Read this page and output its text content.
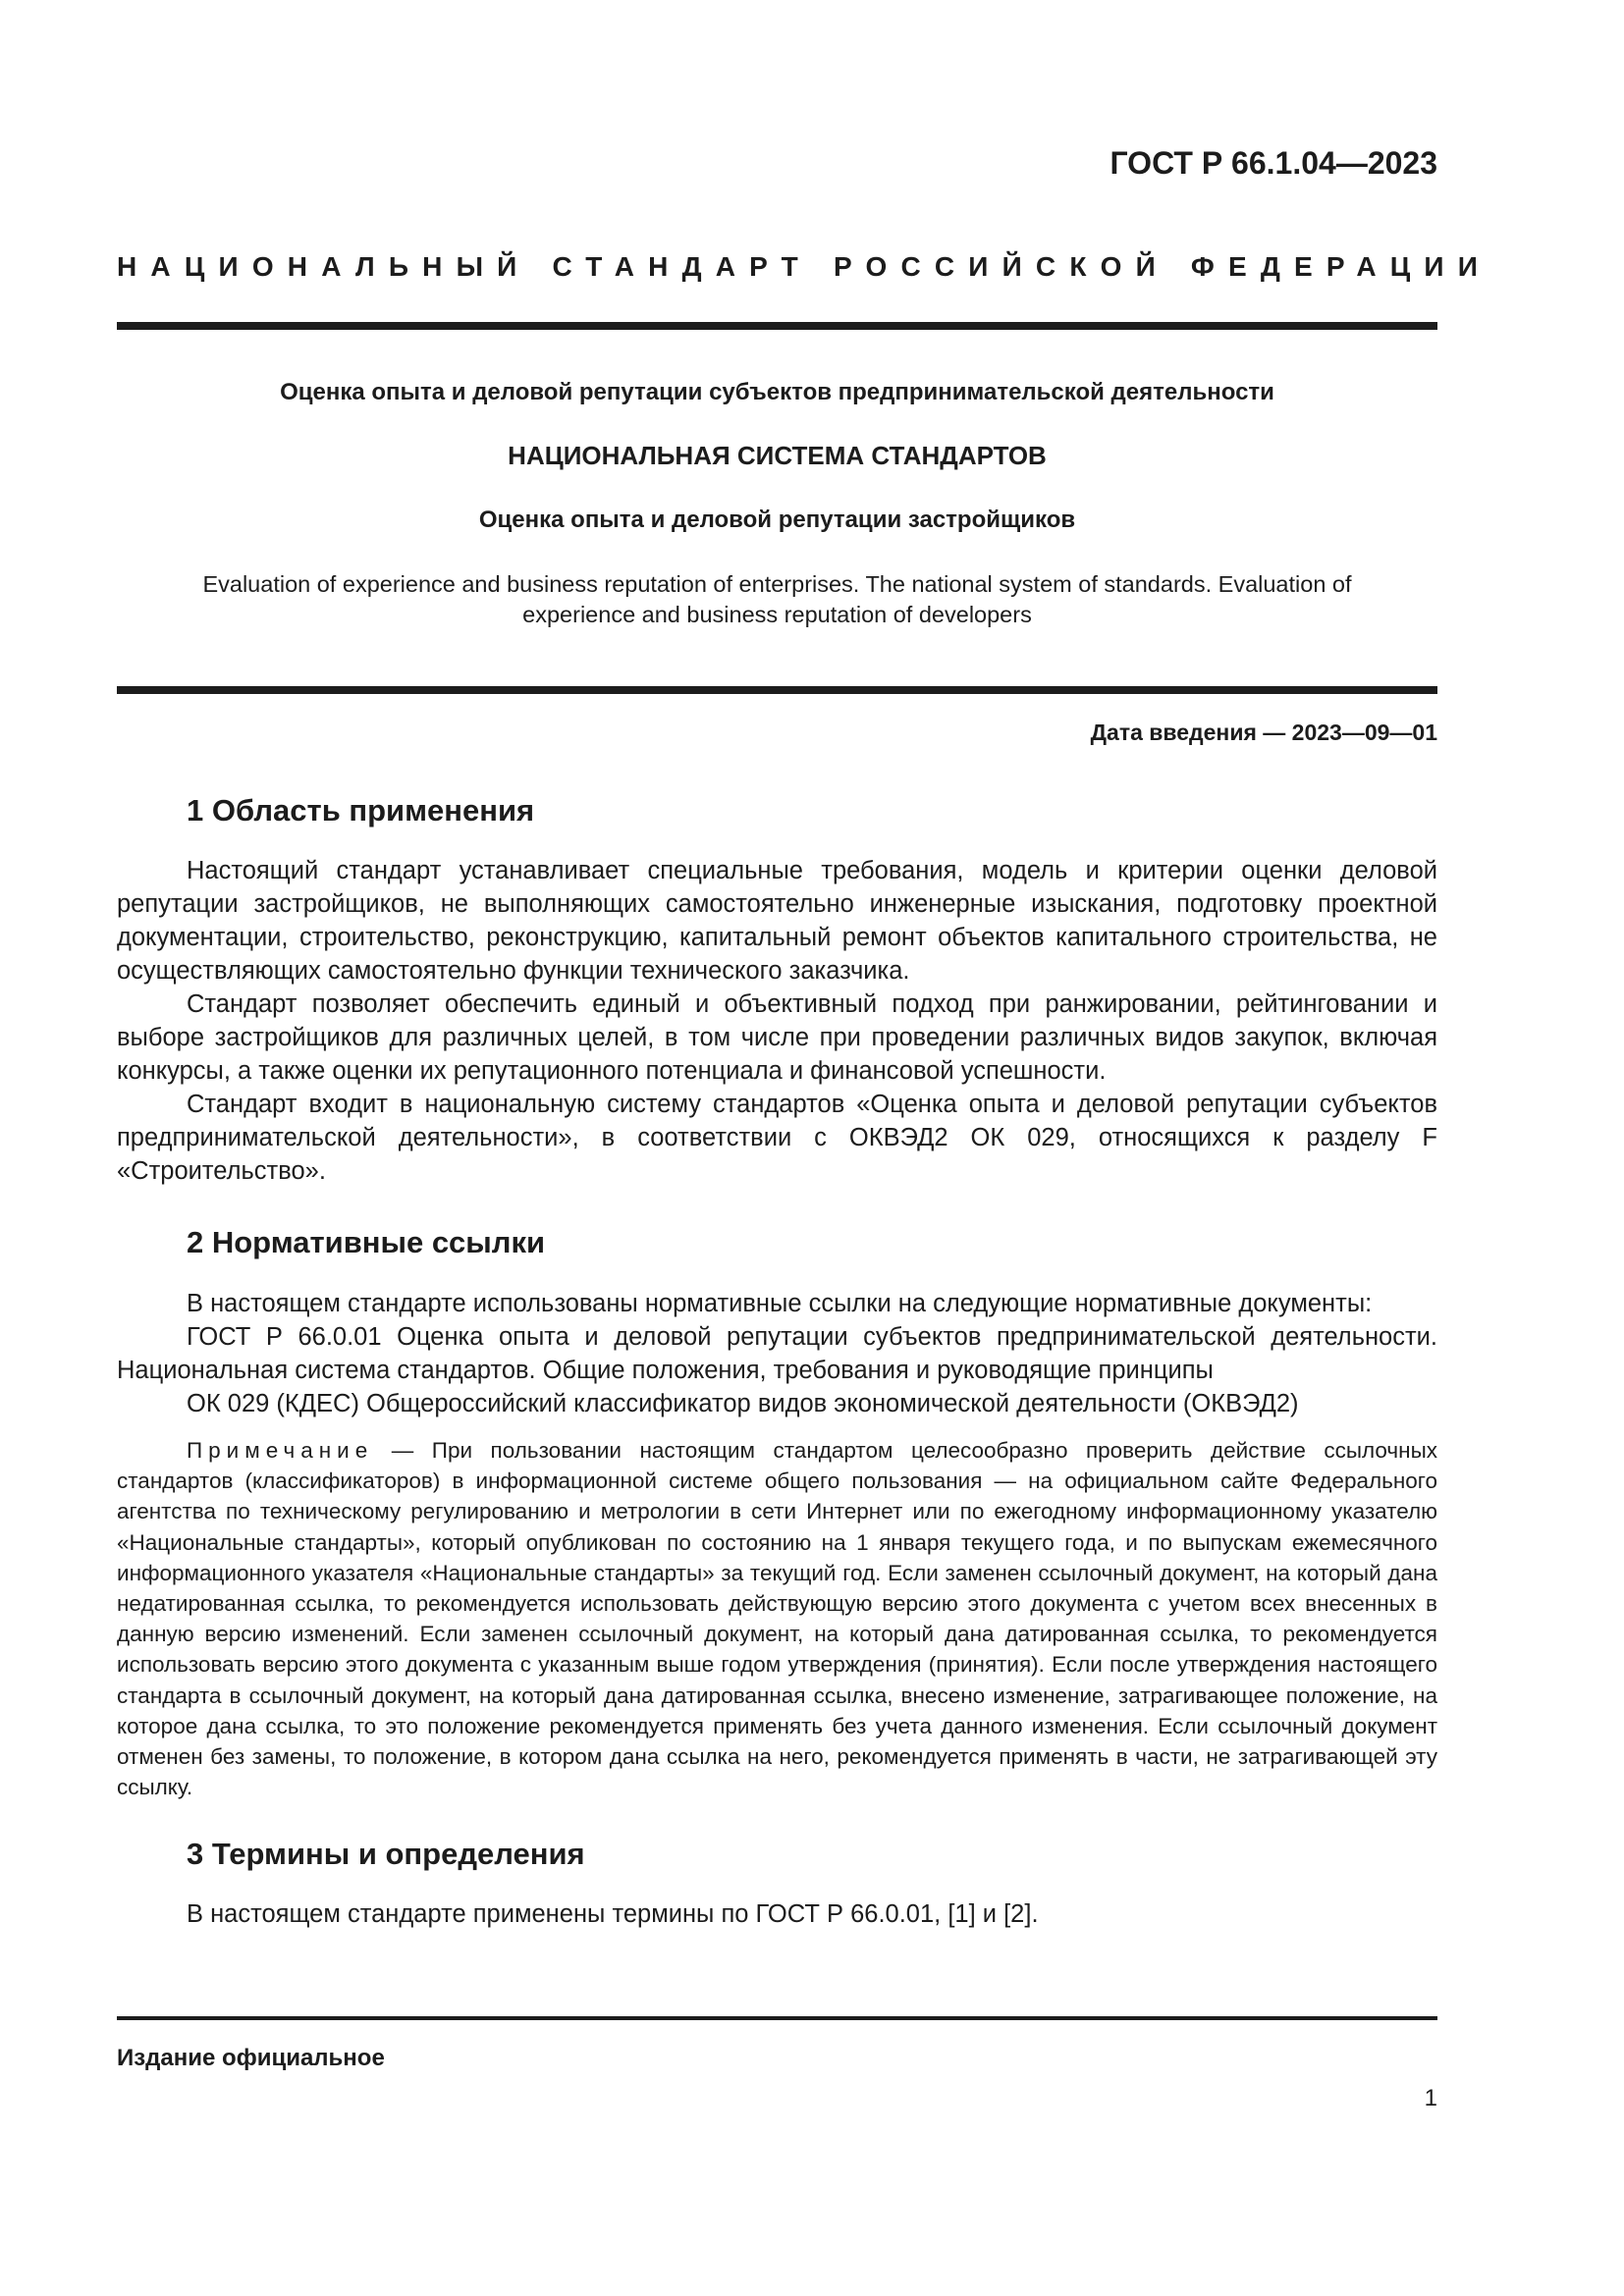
ГОСТ Р 66.1.04—2023
НАЦИОНАЛЬНЫЙ СТАНДАРТ РОССИЙСКОЙ ФЕДЕРАЦИИ
Оценка опыта и деловой репутации субъектов предпринимательской деятельности
НАЦИОНАЛЬНАЯ СИСТЕМА СТАНДАРТОВ
Оценка опыта и деловой репутации застройщиков
Evaluation of experience and business reputation of enterprises. The national system of standards. Evaluation of experience and business reputation of developers
Дата введения — 2023—09—01
1 Область применения

Настоящий стандарт устанавливает специальные требования, модель и критерии оценки деловой репутации застройщиков, не выполняющих самостоятельно инженерные изыскания, подготовку проектной документации, строительство, реконструкцию, капитальный ремонт объектов капитального строительства, не осуществляющих самостоятельно функции технического заказчика.

Стандарт позволяет обеспечить единый и объективный подход при ранжировании, рейтинговании и выборе застройщиков для различных целей, в том числе при проведении различных видов закупок, включая конкурсы, а также оценки их репутационного потенциала и финансовой успешности.

Стандарт входит в национальную систему стандартов «Оценка опыта и деловой репутации субъектов предпринимательской деятельности», в соответствии с ОКВЭД2 ОК 029, относящихся к разделу F «Строительство».

2 Нормативные ссылки

В настоящем стандарте использованы нормативные ссылки на следующие нормативные документы:

ГОСТ Р 66.0.01 Оценка опыта и деловой репутации субъектов предпринимательской деятельности. Национальная система стандартов. Общие положения, требования и руководящие принципы

ОК 029 (КДЕС) Общероссийский классификатор видов экономической деятельности (ОКВЭД2)

Примечание — При пользовании настоящим стандартом целесообразно проверить действие ссылочных стандартов (классификаторов) в информационной системе общего пользования — на официальном сайте Федерального агентства по техническому регулированию и метрологии в сети Интернет или по ежегодному информационному указателю «Национальные стандарты», который опубликован по состоянию на 1 января текущего года, и по выпускам ежемесячного информационного указателя «Национальные стандарты» за текущий год. Если заменен ссылочный документ, на который дана недатированная ссылка, то рекомендуется использовать действующую версию этого документа с учетом всех внесенных в данную версию изменений. Если заменен ссылочный документ, на который дана датированная ссылка, то рекомендуется использовать версию этого документа с указанным выше годом утверждения (принятия). Если после утверждения настоящего стандарта в ссылочный документ, на который дана датированная ссылка, внесено изменение, затрагивающее положение, на которое дана ссылка, то это положение рекомендуется применять без учета данного изменения. Если ссылочный документ отменен без замены, то положение, в котором дана ссылка на него, рекомендуется применять в части, не затрагивающей эту ссылку.

3 Термины и определения

В настоящем стандарте применены термины по ГОСТ Р 66.0.01, [1] и [2].

Издание официальное
1
